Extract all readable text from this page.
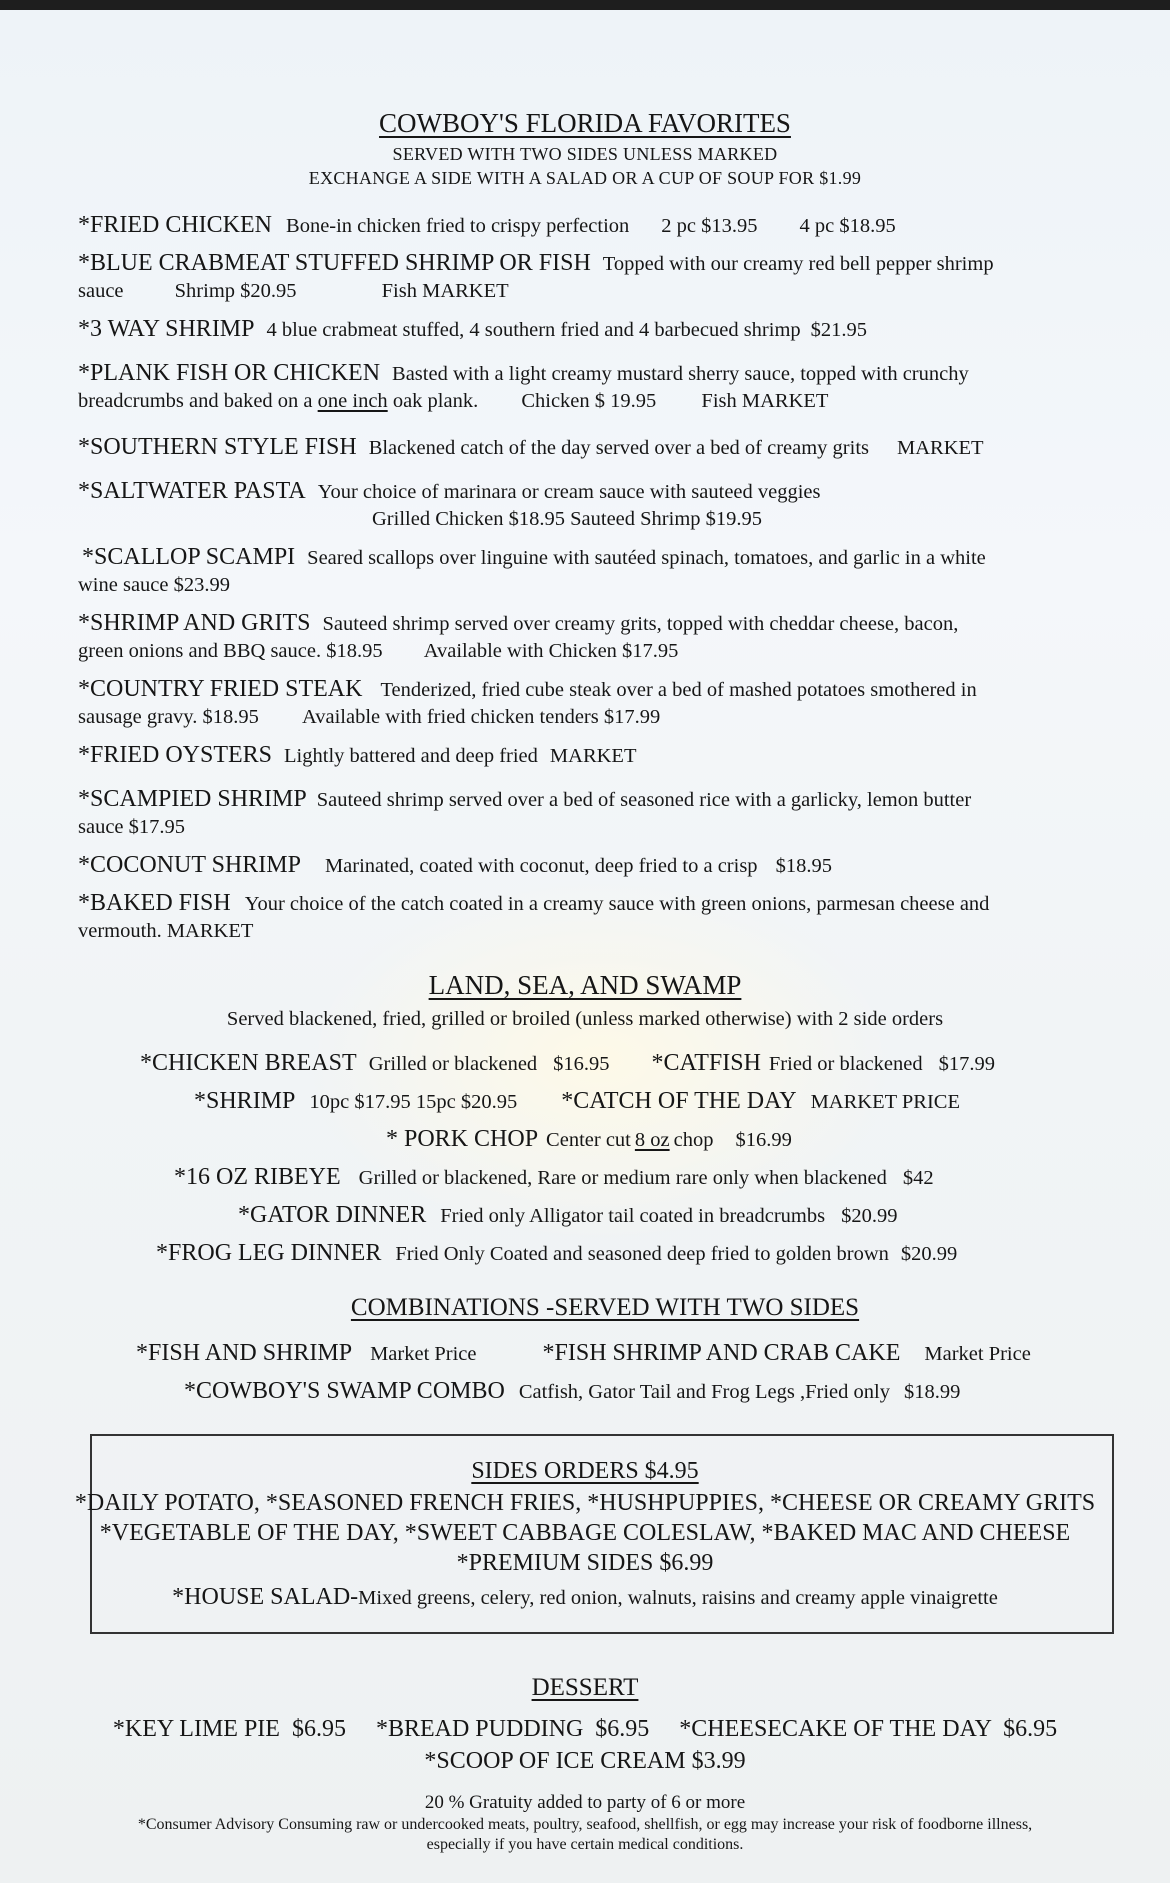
COWBOY'S FLORIDA FAVORITES
SERVED WITH TWO SIDES UNLESS MARKED
EXCHANGE A SIDE WITH A SALAD OR A CUP OF SOUP FOR $1.99
*FRIED CHICKEN Bone-in chicken fried to crispy perfection 2 pc $13.95 4 pc $18.95
*BLUE CRABMEAT STUFFED SHRIMP OR FISH Topped with our creamy red bell pepper shrimp
sauce Shrimp $20.95	Fish MARKET
*3 WAY SHRIMP 4 blue crabmeat stuffed, 4 southern fried and 4 barbecued shrimp $21.95
*PLANK FISH OR CHICKEN Basted with a light creamy mustard sherry sauce, topped with crunchy
breadcrumbs and baked on a one inch oak plank. Chicken $ 19.95 Fish MARKET
*SOUTHERN STYLE FISH Blackened catch of the day served over a bed of creamy grits MARKET
*SALTWATER PASTA Your choice of marinara or cream sauce with sauteed veggies
Grilled Chicken $18.95 Sauteed Shrimp $19.95
*SCALLOP SCAMPI Seared scallops over linguine with sautéed spinach, tomatoes, and garlic in a white
wine sauce $23.99
*SHRIMP AND GRITS Sauteed shrimp served over creamy grits, topped with cheddar cheese, bacon,
green onions and BBQ sauce. $18.95 Available with Chicken $17.95
*COUNTRY FRIED STEAK Tenderized, fried cube steak over a bed of mashed potatoes smothered in
sausage gravy. $18.95 Available with fried chicken tenders $17.99
*FRIED OYSTERS Lightly battered and deep fried MARKET
*SCAMPIED SHRIMP Sauteed shrimp served over a bed of seasoned rice with a garlicky, lemon butter
sauce $17.95
*COCONUT SHRIMP Marinated, coated with coconut, deep fried to a crisp $18.95
*BAKED FISH Your choice of the catch coated in a creamy sauce with green onions, parmesan cheese and
vermouth. MARKET
LAND, SEA, AND SWAMP
Served blackened, fried, grilled or broiled (unless marked otherwise) with 2 side orders
*CHICKEN BREAST Grilled or blackened $16.95 *CATFISH Fried or blackened $17.99
*SHRIMP 10pc $17.95 15pc $20.95 *CATCH OF THE DAY MARKET PRICE
* PORK CHOP Center cut 8 oz chop $16.99
*16 OZ RIBEYE Grilled or blackened, Rare or medium rare only when blackened $42
*GATOR DINNER Fried only Alligator tail coated in breadcrumbs $20.99
*FROG LEG DINNER Fried Only Coated and seasoned deep fried to golden brown $20.99
COMBINATIONS -SERVED WITH TWO SIDES
*FISH AND SHRIMP Market Price	*FISH SHRIMP AND CRAB CAKE Market Price
*COWBOY'S SWAMP COMBO Catfish, Gator Tail and Frog Legs ,Fried only $18.99
SIDES ORDERS $4.95
*DAILY POTATO, *SEASONED FRENCH FRIES, *HUSHPUPPIES, *CHEESE OR CREAMY GRITS
*VEGETABLE OF THE DAY, *SWEET CABBAGE COLESLAW, *BAKED MAC AND CHEESE
*PREMIUM SIDES $6.99
*HOUSE SALAD-Mixed greens, celery, red onion, walnuts, raisins and creamy apple vinaigrette
DESSERT
*KEY LIME PIE  $6.95     *BREAD PUDDING  $6.95     *CHEESECAKE OF THE DAY  $6.95
*SCOOP OF ICE CREAM $3.99
20 % Gratuity added to party of 6 or more
*Consumer Advisory Consuming raw or undercooked meats, poultry, seafood, shellfish, or egg may increase your risk of foodborne illness,
especially if you have certain medical conditions.
